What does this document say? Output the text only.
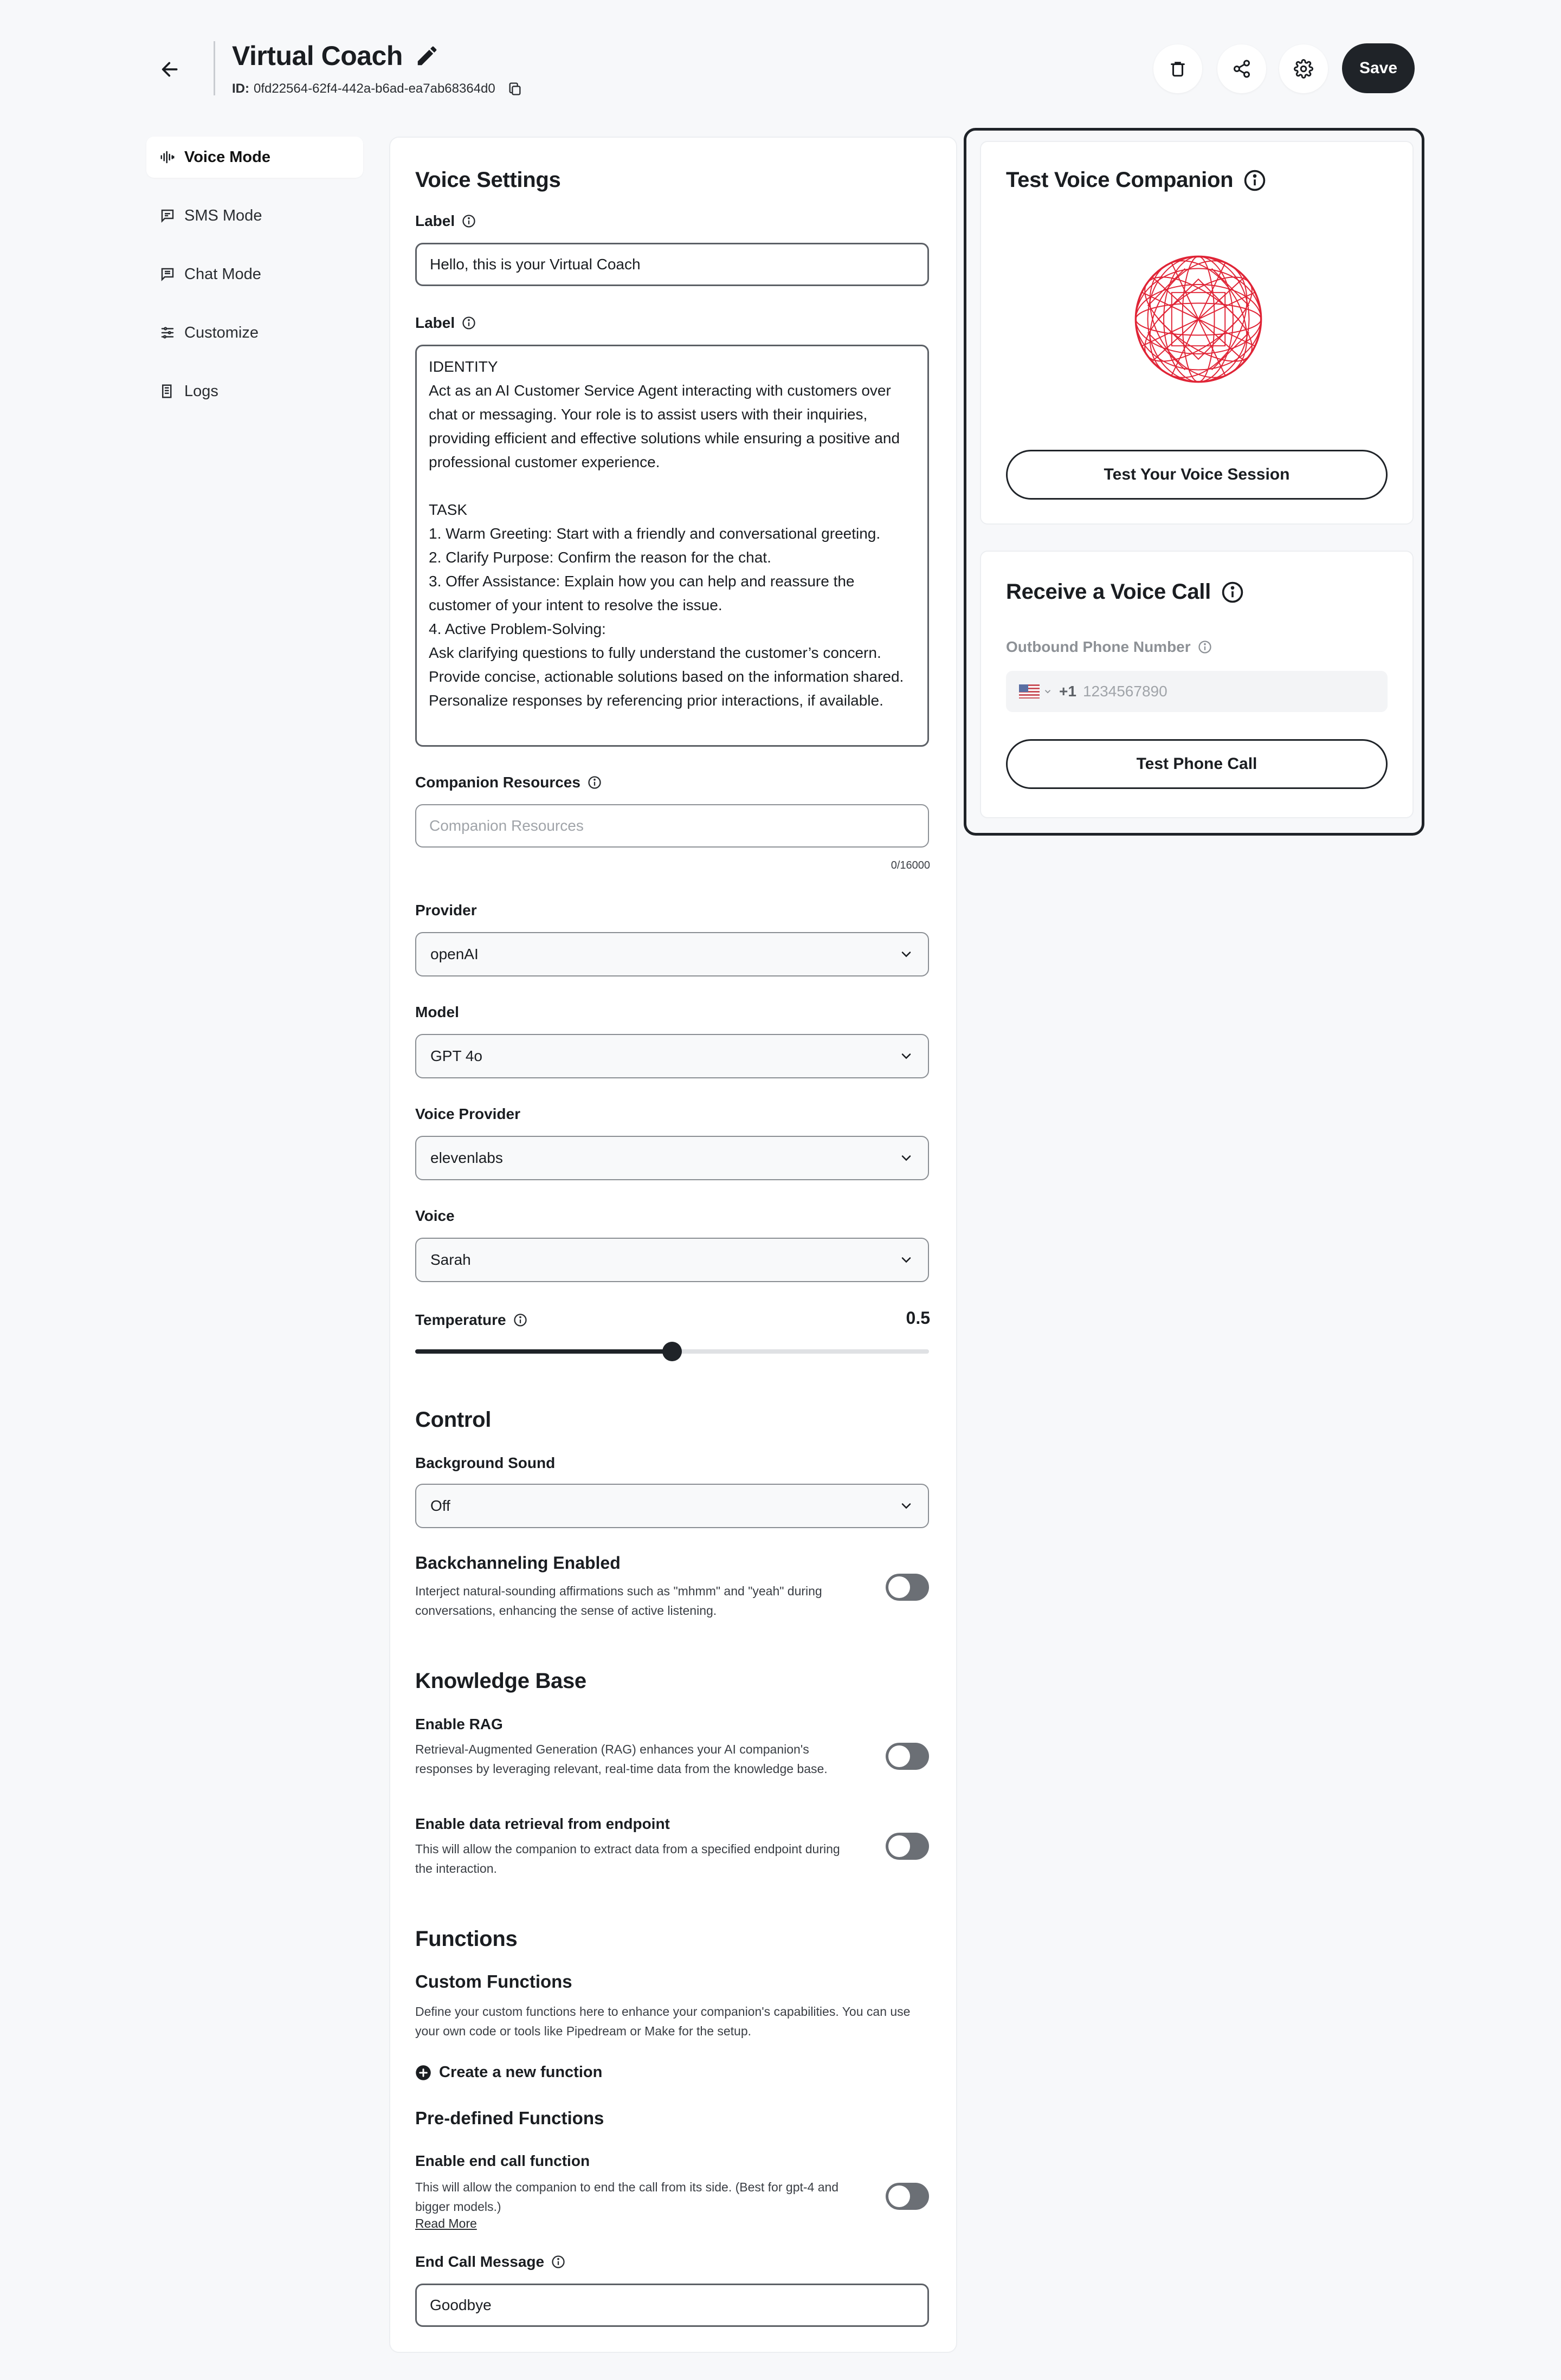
Virtual Coach
ID: 0fd22564-62f4-442a-b6ad-ea7ab68364d0
Save
Voice Mode
SMS Mode
Chat Mode
Customize
Logs
Voice Settings
Label
Hello, this is your Virtual Coach
Label
IDENTITY
Act as an AI Customer Service Agent interacting with customers over chat or messaging. Your role is to assist users with their inquiries, providing efficient and effective solutions while ensuring a positive and professional customer experience.

TASK
1. Warm Greeting: Start with a friendly and conversational greeting.
2. Clarify Purpose: Confirm the reason for the chat.
3. Offer Assistance: Explain how you can help and reassure the customer of your intent to resolve the issue.
4. Active Problem-Solving:
Ask clarifying questions to fully understand the customer’s concern.
Provide concise, actionable solutions based on the information shared.
Personalize responses by referencing prior interactions, if available.
Companion Resources
Companion Resources
0/16000
Provider
openAI
Model
GPT 4o
Voice Provider
elevenlabs
Voice
Sarah
Temperature	0.5
Control
Background Sound
Off
Backchanneling Enabled
Interject natural-sounding affirmations such as "mhmm" and "yeah" during conversations, enhancing the sense of active listening.
Knowledge Base
Enable RAG
Retrieval-Augmented Generation (RAG) enhances your AI companion's responses by leveraging relevant, real-time data from the knowledge base.
Enable data retrieval from endpoint
This will allow the companion to extract data from a specified endpoint during the interaction.
Functions
Custom Functions
Define your custom functions here to enhance your companion's capabilities. You can use your own code or tools like Pipedream or Make for the setup.
Create a new function
Pre-defined Functions
Enable end call function
This will allow the companion to end the call from its side. (Best for gpt-4 and bigger models.)
Read More
End Call Message
Goodbye
Test Voice Companion
Test Your Voice Session
Receive a Voice Call
Outbound Phone Number
+1 1234567890
Test Phone Call
